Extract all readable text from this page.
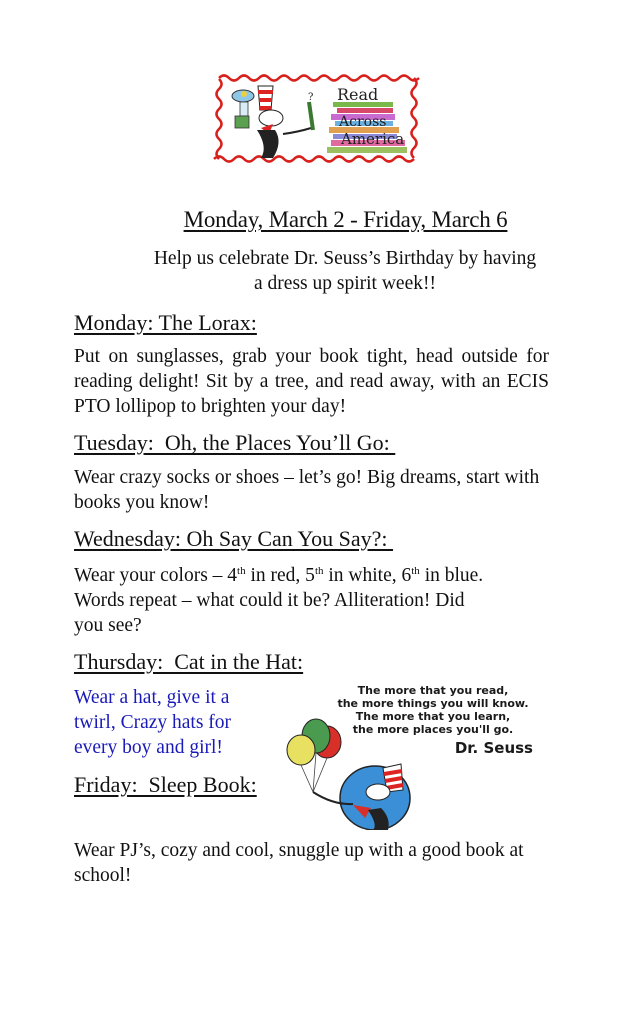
? Read
Across
America
Monday, March 2 - Friday, March 6
Help us celebrate Dr. Seuss’s Birthday by having a dress up spirit week!!
Monday: The Lorax:
Put on sunglasses, grab your book tight, head outside for reading delight! Sit by a tree, and read away, with an ECIS PTO lollipop to brighten your day!
Tuesday:  Oh, the Places You’ll Go:
Wear crazy socks or shoes – let’s go! Big dreams, start with books you know!
Wednesday: Oh Say Can You Say?:
Wear your colors – 4th in red, 5th in white, 6th in blue.
Words repeat – what could it be? Alliteration! Did
you see?
Thursday:  Cat in the Hat:
Wear a hat, give it a
twirl, Crazy hats for
every boy and girl!
Friday:  Sleep Book:
Wear PJ’s, cozy and cool, snuggle up with a good book at school!
The more that you read,
the more things you will know.
The more that you learn,
the more places you'll go.
Dr. Seuss
